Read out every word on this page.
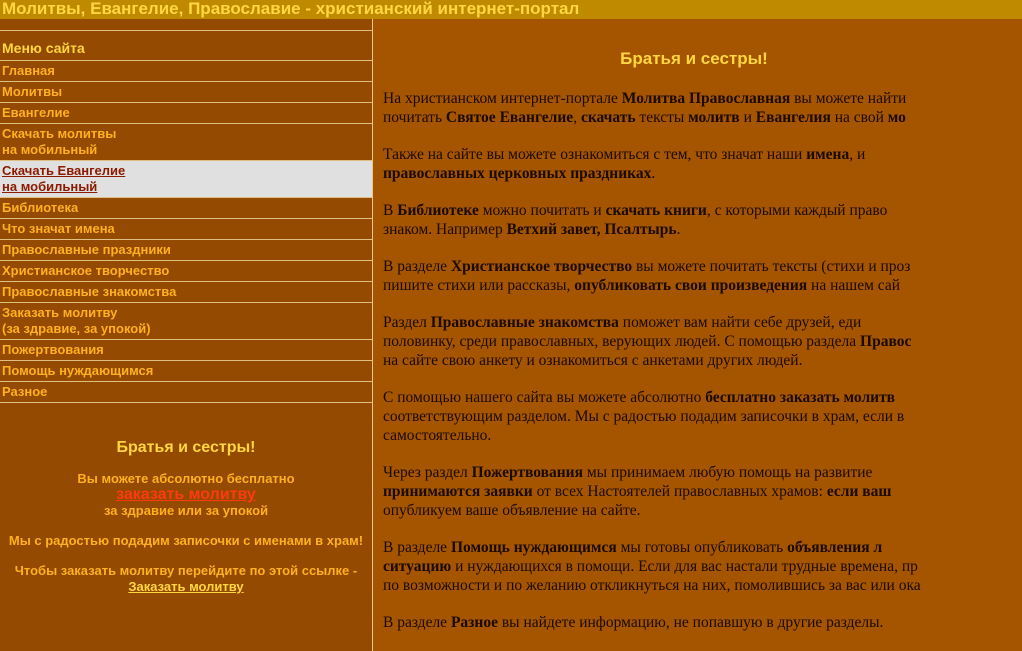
Молитвы, Евангелие, Православие - христианский интернет-портал
Меню сайта
Главная
Молитвы
Евангелие
Скачать молитвы
на мобильный
Скачать Евангелие
на мобильный
Библиотека
Что значат имена
Православные праздники
Христианское творчество
Православные знакомства
Заказать молитву
(за здравие, за упокой)
Пожертвования
Помощь нуждающимся
Разное
Братья и сестры!

Вы можете абсолютно бесплатно
заказать молитву
за здравие или за упокой

Мы с радостью подадим записочки с именами в храм!

Чтобы заказать молитву перейдите по этой ссылке -
Заказать молитву

Братья и сестры!
На христианском интернет-портале Молитва Православная вы можете найти
почитать Святое Евангелие, скачать тексты молитв и Евангелия на свой мо
Также на сайте вы можете ознакомиться с тем, что значат наши имена, и
православных церковных праздниках.
В Библиотеке можно почитать и скачать книги, с которыми каждый право
знаком. Например Ветхий завет, Псалтырь.
В разделе Христианское творчество вы можете почитать тексты (стихи и проз
пишите стихи или рассказы, опубликовать свои произведения на нашем сай
Раздел Православные знакомства поможет вам найти себе друзей, еди
половинку, среди православных, верующих людей. С помощью раздела Правос
на сайте свою анкету и ознакомиться с анкетами других людей.
С помощью нашего сайта вы можете абсолютно бесплатно заказать молитв
соответствующим разделом. Мы с радостью подадим записочки в храм, если в
самостоятельно.
Через раздел Пожертвования мы принимаем любую помощь на развитие
принимаются заявки от всех Настоятелей православных храмов: если ваш
опубликуем ваше объявление на сайте.
В разделе Помощь нуждающимся мы готовы опубликовать объявления л
ситуацию и нуждающихся в помощи. Если для вас настали трудные времена, пр
по возможности и по желанию откликнуться на них, помолившись за вас или ока
В разделе Разное вы найдете информацию, не попавшую в другие разделы.
